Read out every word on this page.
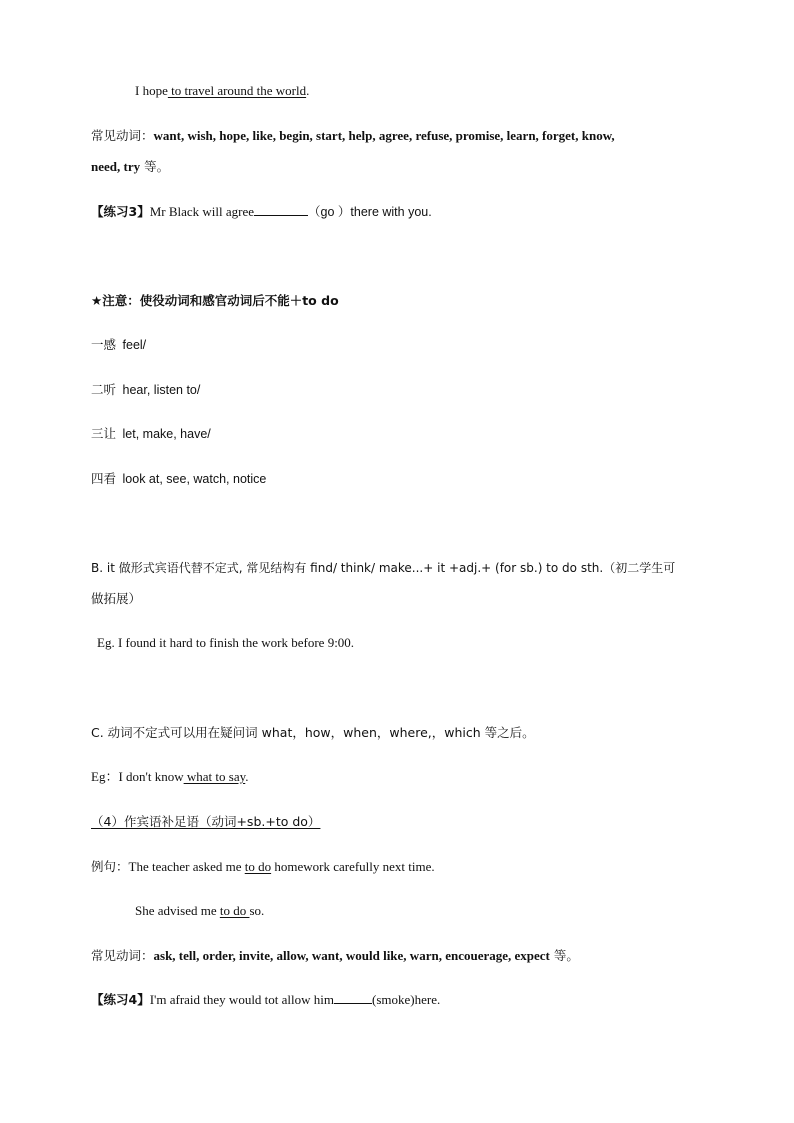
I hope to travel around the world.
常见动词：want, wish, hope, like, begin, start, help, agree, refuse, promise, learn, forget, know,
need, try 等。
【练习3】Mr Black will agree	（go ）there with you.
★注意：使役动词和感官动词后不能＋to do
一感 feel/
二听 hear, listen to/
三让 let, make, have/
四看 look at, see, watch, notice
B. it 做形式宾语代替不定式, 常见结构有 find/ think/ make...+ it +adj.+ (for sb.) to do sth.（初二学生可
做拓展）
Eg. I found it hard to finish the work before 9:00.
C. 动词不定式可以用在疑问词 what，how，when，where,，which 等之后。
Eg：I don't know what to say.
（4）作宾语补足语（动词+sb.+to do）
例句：The teacher asked me to do homework carefully next time.
She advised me to do so.
常见动词：ask, tell, order, invite, allow, want, would like, warn, encouerage, expect 等。
【练习4】I'm afraid they would tot allow him	(smoke)here.
